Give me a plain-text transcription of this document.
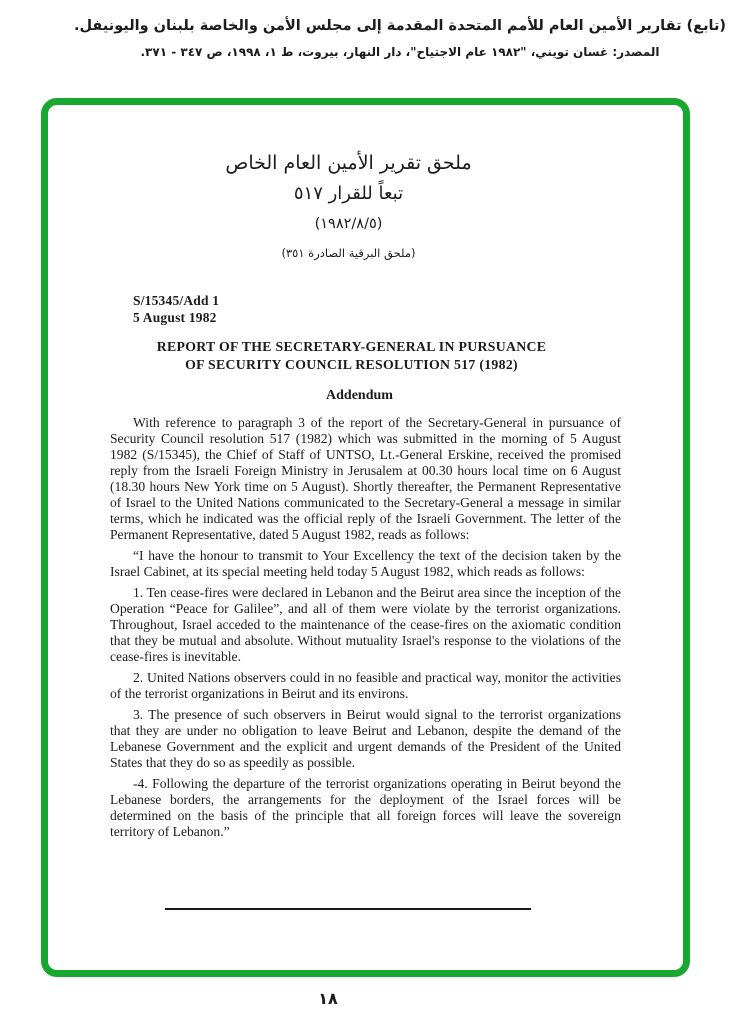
(تابع) تقارير الأمين العام للأمم المتحدة المقدمة إلى مجلس الأمن والخاصة بلبنان واليونيفل.
المصدر: غسان تويني، "١٩٨٢ عام الاجتياح"، دار النهار، بيروت، ط ١، ١٩٩٨، ص ٣٤٧ - ٣٧١.
ملحق تقرير الأمين العام الخاص
تبعاً للقرار ٥١٧
(١٩٨٢/٨/٥)
(ملحق البرقية الصادرة ٣٥١)
S/15345/Add 1
5 August 1982
REPORT OF THE SECRETARY-GENERAL IN PURSUANCE
OF SECURITY COUNCIL RESOLUTION 517 (1982)
Addendum

With reference to paragraph 3 of the report of the Secretary-General in pursuance of Security Council resolution 517 (1982) which was submitted in the morning of 5 August 1982 (S/15345), the Chief of Staff of UNTSO, Lt.-General Erskine, received the promised reply from the Israeli Foreign Ministry in Jerusalem at 00.30 hours local time on 6 August (18.30 hours New York time on 5 August). Shortly thereafter, the Permanent Representative of Israel to the United Nations communicated to the Secretary-General a message in similar terms, which he indicated was the official reply of the Israeli Government. The letter of the Permanent Representative, dated 5 August 1982, reads as follows:

“I have the honour to transmit to Your Excellency the text of the decision taken by the Israel Cabinet, at its special meeting held today 5 August 1982, which reads as follows:

1. Ten cease-fires were declared in Lebanon and the Beirut area since the inception of the Operation “Peace for Galilee”, and all of them were violate by the terrorist organizations. Throughout, Israel acceded to the maintenance of the cease-fires on the axiomatic condition that they be mutual and absolute. Without mutuality Israel's response to the violations of the cease-fires is inevitable.

2. United Nations observers could in no feasible and practical way, monitor the activities of the terrorist organizations in Beirut and its environs.

3. The presence of such observers in Beirut would signal to the terrorist organizations that they are under no obligation to leave Beirut and Lebanon, despite the demand of the Lebanese Government and the explicit and urgent demands of the President of the United States that they do so as speedily as possible.

-4. Following the departure of the terrorist organizations operating in Beirut beyond the Lebanese borders, the arrangements for the deployment of the Israel forces will be determined on the basis of the principle that all foreign forces will leave the sovereign territory of Lebanon.”

١٨
